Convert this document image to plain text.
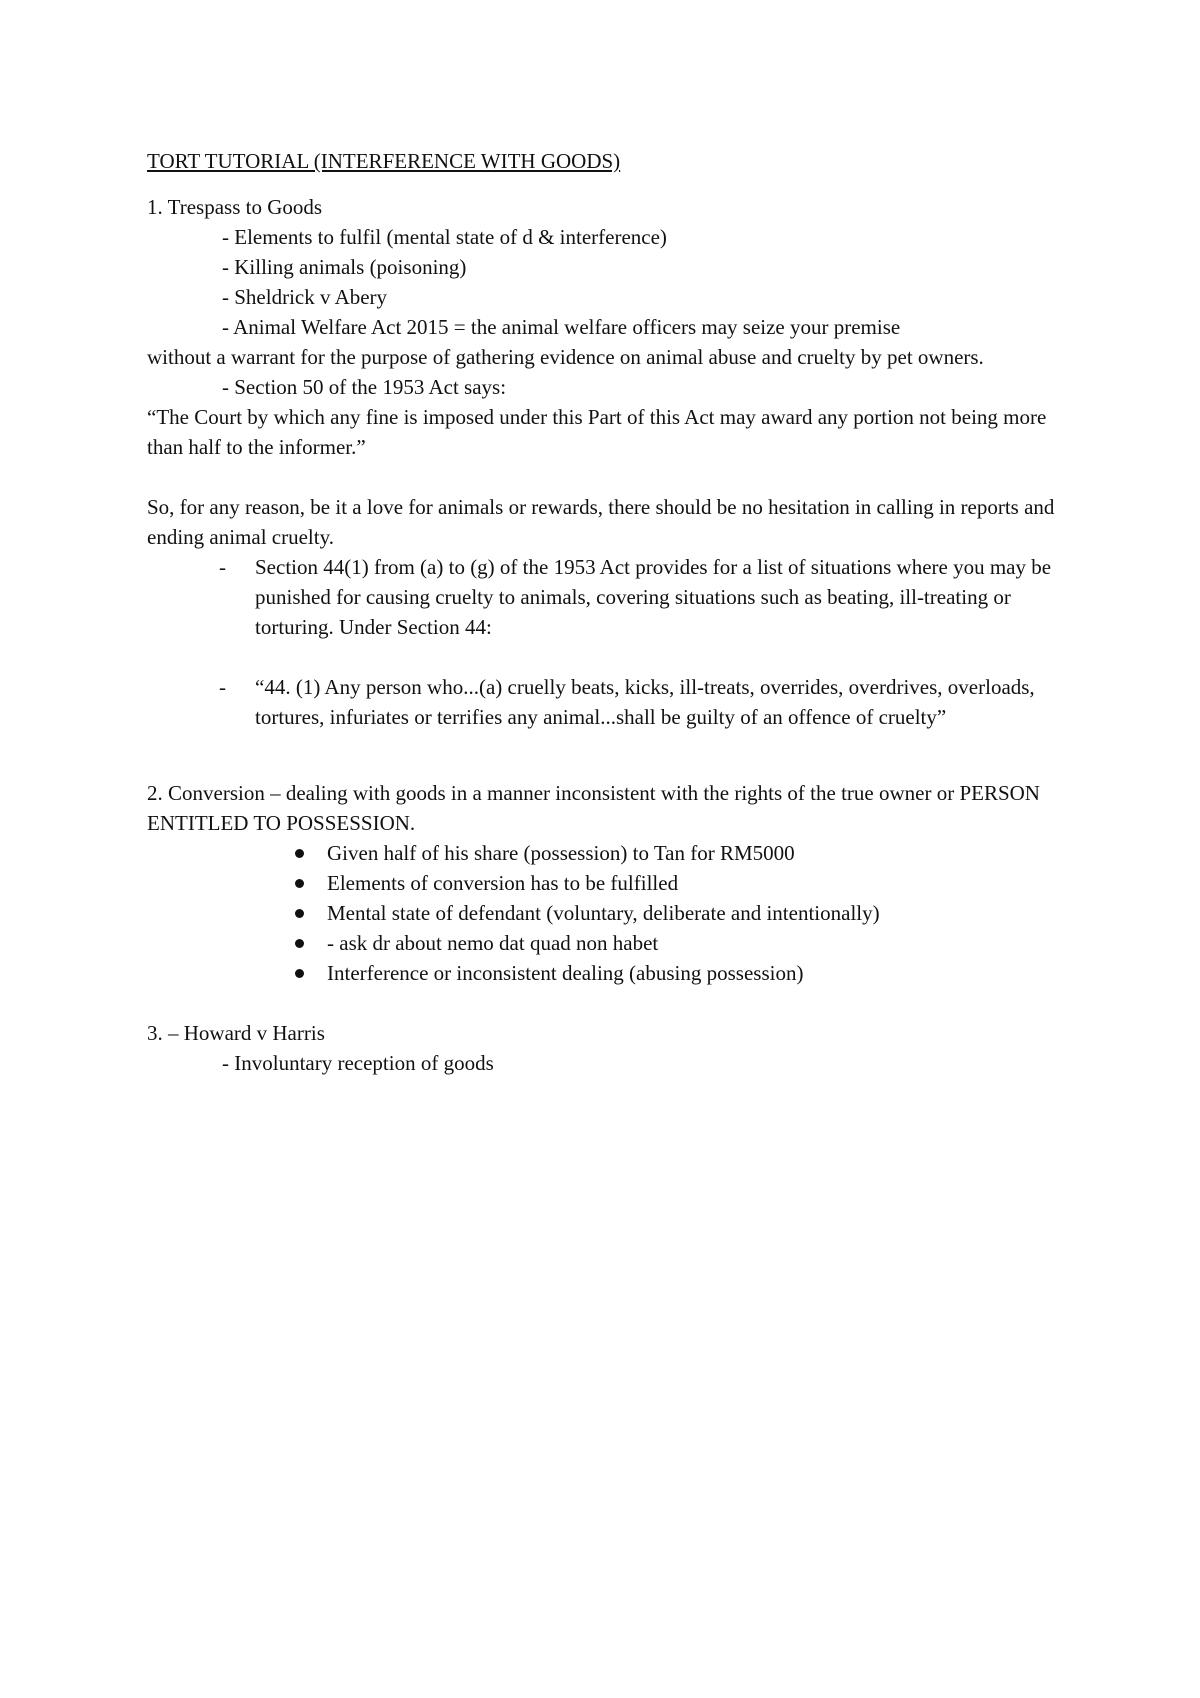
TORT TUTORIAL (INTERFERENCE WITH GOODS)

1. Trespass to Goods

- Elements to fulfil (mental state of d & interference)

- Killing animals (poisoning)

- Sheldrick v Abery

- Animal Welfare Act 2015 = the animal welfare officers may seize your premise
without a warrant for the purpose of gathering evidence on animal abuse and cruelty by pet owners.

- Section 50 of the 1953 Act says:

“The Court by which any fine is imposed under this Part of this Act may award any portion not being more than half to the informer.”

So, for any reason, be it a love for animals or rewards, there should be no hesitation in calling in reports and ending animal cruelty.

-	Section 44(1) from (a) to (g) of the 1953 Act provides for a list of situations where you may be punished for causing cruelty to animals, covering situations such as beating, ill-treating or torturing. Under Section 44:
-	“44. (1) Any person who...(a) cruelly beats, kicks, ill-treats, overrides, overdrives, overloads, tortures, infuriates or terrifies any animal...shall be guilty of an offence of cruelty”

2. Conversion – dealing with goods in a manner inconsistent with the rights of the true owner or PERSON ENTITLED TO POSSESSION.

Given half of his share (possession) to Tan for RM5000
Elements of conversion has to be fulfilled
Mental state of defendant (voluntary, deliberate and intentionally)
- ask dr about nemo dat quad non habet
Interference or inconsistent dealing (abusing possession)

3. – Howard v Harris

- Involuntary reception of goods
